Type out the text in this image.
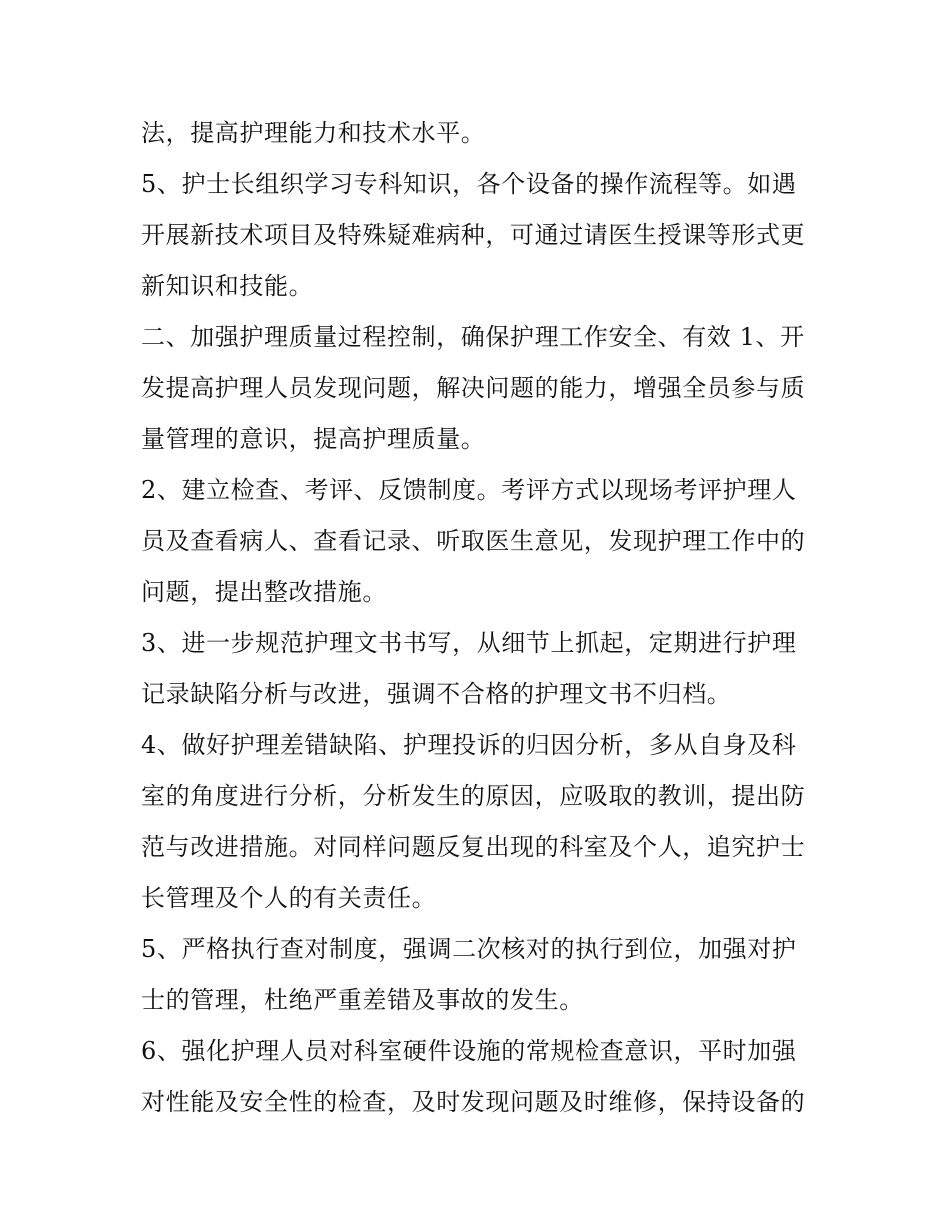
法，提高护理能力和技术水平。
5、护士长组织学习专科知识，各个设备的操作流程等。如遇
开展新技术项目及特殊疑难病种，可通过请医生授课等形式更
新知识和技能。
二、加强护理质量过程控制，确保护理工作安全、有效 1、开
发提高护理人员发现问题，解决问题的能力，增强全员参与质
量管理的意识，提高护理质量。
2、建立检查、考评、反馈制度。考评方式以现场考评护理人
员及查看病人、查看记录、听取医生意见，发现护理工作中的
问题，提出整改措施。
3、进一步规范护理文书书写，从细节上抓起，定期进行护理
记录缺陷分析与改进，强调不合格的护理文书不归档。
4、做好护理差错缺陷、护理投诉的归因分析，多从自身及科
室的角度进行分析，分析发生的原因，应吸取的教训，提出防
范与改进措施。对同样问题反复出现的科室及个人，追究护士
长管理及个人的有关责任。
5、严格执行查对制度，强调二次核对的执行到位，加强对护
士的管理，杜绝严重差错及事故的发生。
6、强化护理人员对科室硬件设施的常规检查意识，平时加强
对性能及安全性的检查，及时发现问题及时维修，保持设备的
